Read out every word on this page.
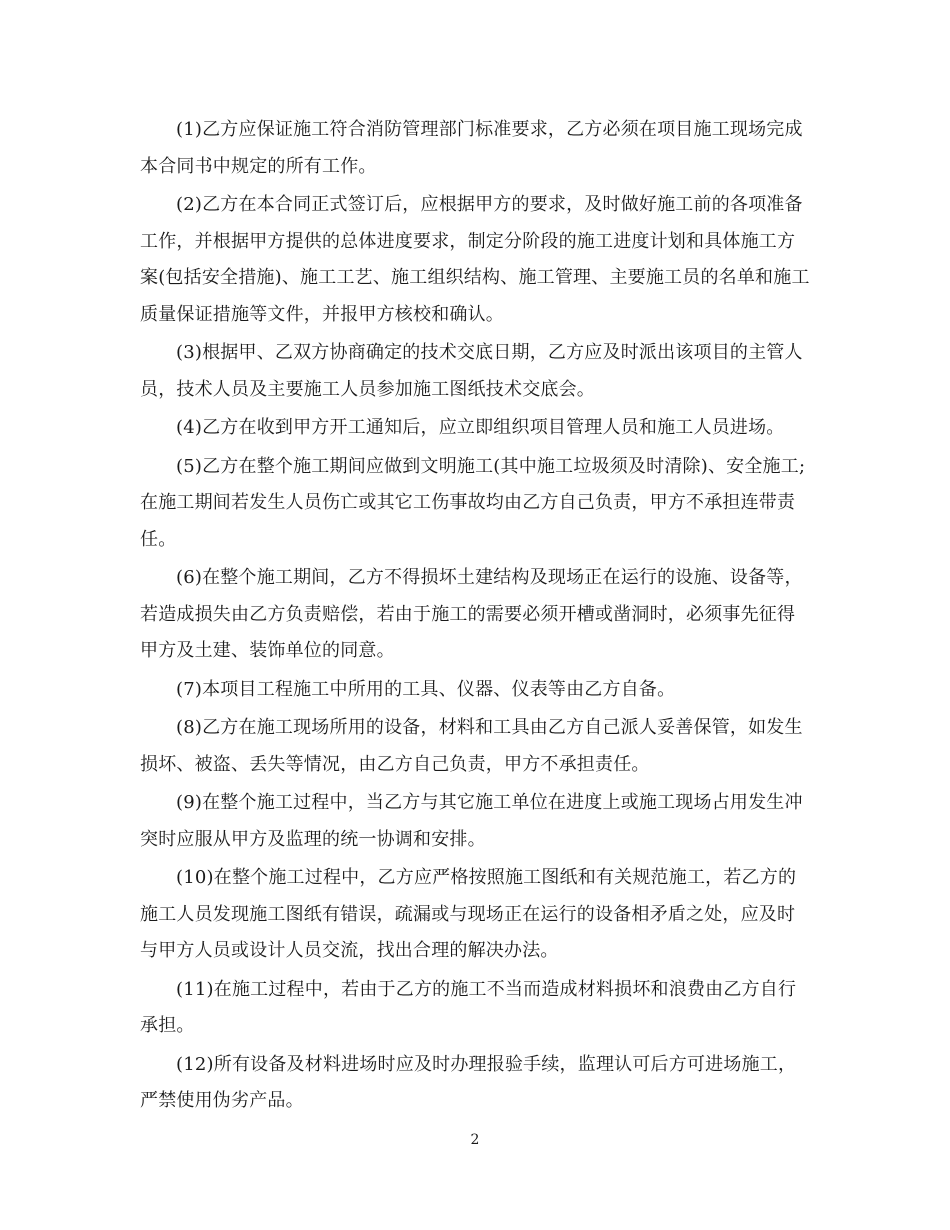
(1)乙方应保证施工符合消防管理部门标准要求，乙方必须在项目施工现场完成本合同书中规定的所有工作。

(2)乙方在本合同正式签订后，应根据甲方的要求，及时做好施工前的各项准备工作，并根据甲方提供的总体进度要求，制定分阶段的施工进度计划和具体施工方案(包括安全措施)、施工工艺、施工组织结构、施工管理、主要施工员的名单和施工质量保证措施等文件，并报甲方核校和确认。

(3)根据甲、乙双方协商确定的技术交底日期，乙方应及时派出该项目的主管人员，技术人员及主要施工人员参加施工图纸技术交底会。

(4)乙方在收到甲方开工通知后，应立即组织项目管理人员和施工人员进场。

(5)乙方在整个施工期间应做到文明施工(其中施工垃圾须及时清除)、安全施工;在施工期间若发生人员伤亡或其它工伤事故均由乙方自己负责，甲方不承担连带责任。

(6)在整个施工期间，乙方不得损坏土建结构及现场正在运行的设施、设备等，若造成损失由乙方负责赔偿，若由于施工的需要必须开槽或凿洞时，必须事先征得甲方及土建、装饰单位的同意。

(7)本项目工程施工中所用的工具、仪器、仪表等由乙方自备。

(8)乙方在施工现场所用的设备，材料和工具由乙方自己派人妥善保管，如发生损坏、被盗、丢失等情况，由乙方自己负责，甲方不承担责任。

(9)在整个施工过程中，当乙方与其它施工单位在进度上或施工现场占用发生冲突时应服从甲方及监理的统一协调和安排。

(10)在整个施工过程中，乙方应严格按照施工图纸和有关规范施工，若乙方的施工人员发现施工图纸有错误，疏漏或与现场正在运行的设备相矛盾之处，应及时与甲方人员或设计人员交流，找出合理的解决办法。

(11)在施工过程中，若由于乙方的施工不当而造成材料损坏和浪费由乙方自行承担。

(12)所有设备及材料进场时应及时办理报验手续，监理认可后方可进场施工，严禁使用伪劣产品。

2
